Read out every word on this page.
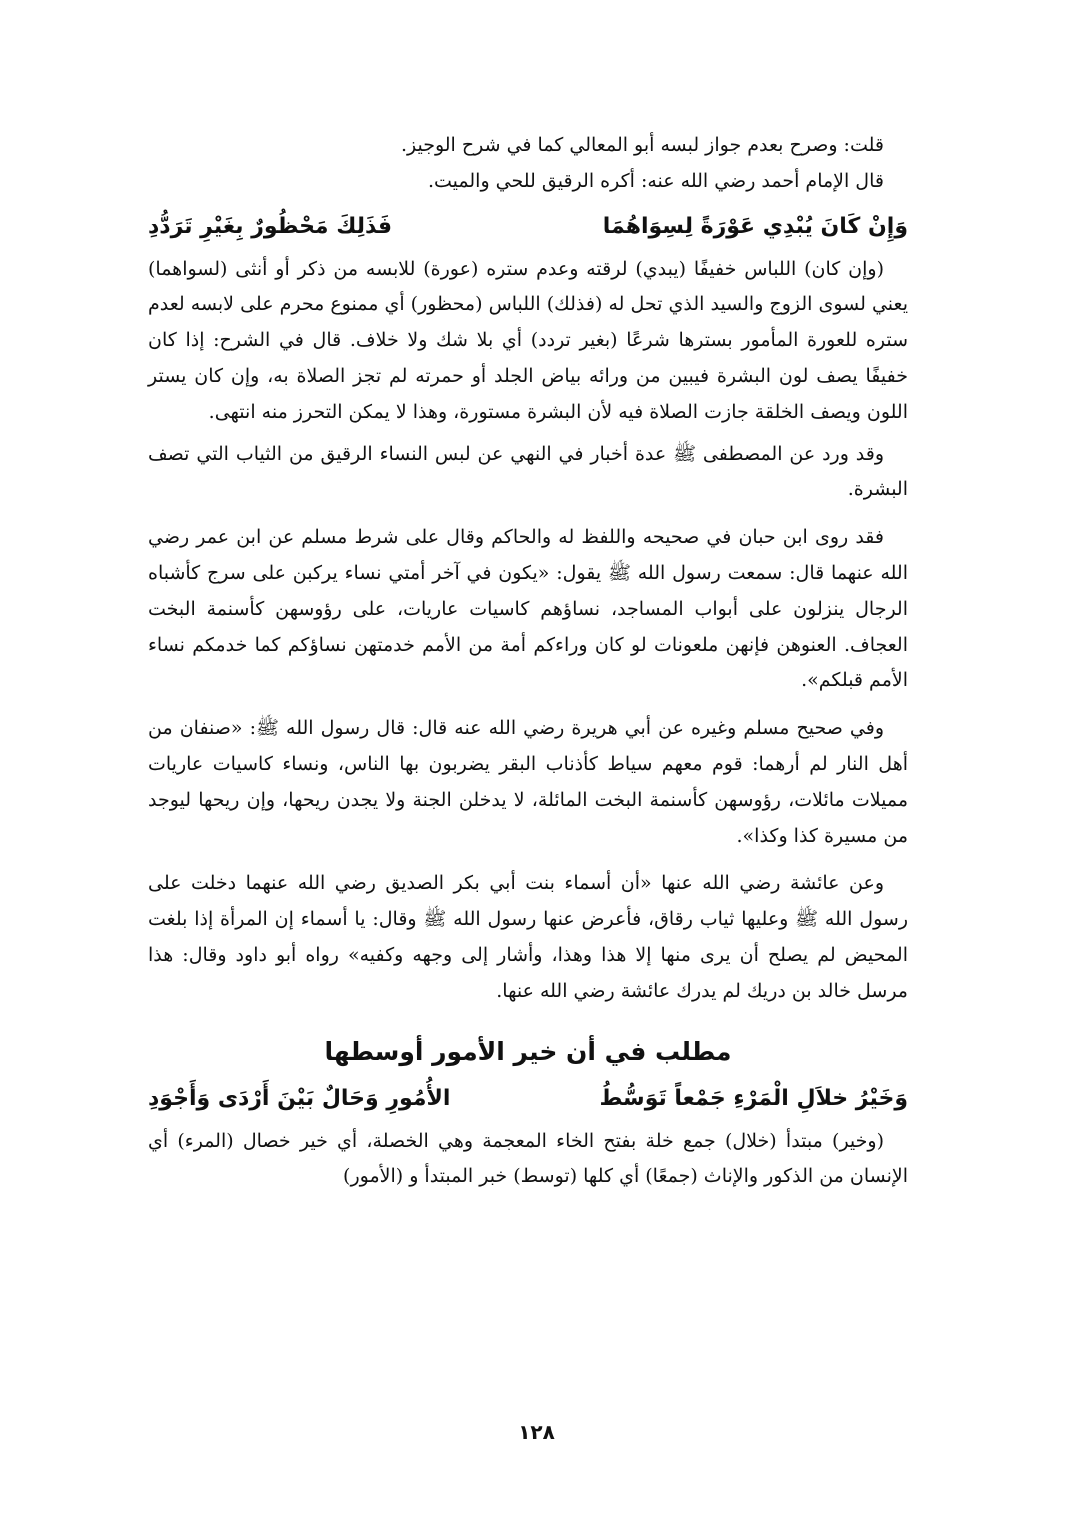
قلت: وصرح بعدم جواز لبسه أبو المعالي كما في شرح الوجيز.

قال الإمام أحمد رضي الله عنه: أكره الرقيق للحي والميت.

وَإِنْ كَانَ يُبْدِي عَوْرَةً لِسِوَاهُمَا
فَذَلِكَ مَحْظُورٌ بِغَيْرِ تَرَدُّدِ

(وإن كان) اللباس خفيفًا (يبدي) لرقته وعدم ستره (عورة) للابسه من ذكر أو أنثى (لسواهما) يعني لسوى الزوج والسيد الذي تحل له (فذلك) اللباس (محظور) أي ممنوع محرم على لابسه لعدم ستره للعورة المأمور بسترها شرعًا (بغير تردد) أي بلا شك ولا خلاف. قال في الشرح: إذا كان خفيفًا يصف لون البشرة فيبين من ورائه بياض الجلد أو حمرته لم تجز الصلاة به، وإن كان يستر اللون ويصف الخلقة جازت الصلاة فيه لأن البشرة مستورة، وهذا لا يمكن التحرز منه انتهى.

وقد ورد عن المصطفى ﷺ عدة أخبار في النهي عن لبس النساء الرقيق من الثياب التي تصف البشرة.

فقد روى ابن حبان في صحيحه واللفظ له والحاكم وقال على شرط مسلم عن ابن عمر رضي الله عنهما قال: سمعت رسول الله ﷺ يقول: «يكون في آخر أمتي نساء يركبن على سرج كأشباه الرجال ينزلون على أبواب المساجد، نساؤهم كاسيات عاريات، على رؤوسهن كأسنمة البخت العجاف. العنوهن فإنهن ملعونات لو كان وراءكم أمة من الأمم خدمتهن نساؤكم كما خدمكم نساء الأمم قبلكم».

وفي صحيح مسلم وغيره عن أبي هريرة رضي الله عنه قال: قال رسول الله ﷺ: «صنفان من أهل النار لم أرهما: قوم معهم سياط كأذناب البقر يضربون بها الناس، ونساء كاسيات عاريات مميلات مائلات، رؤوسهن كأسنمة البخت المائلة، لا يدخلن الجنة ولا يجدن ريحها، وإن ريحها ليوجد من مسيرة كذا وكذا».

وعن عائشة رضي الله عنها «أن أسماء بنت أبي بكر الصديق رضي الله عنهما دخلت على رسول الله ﷺ وعليها ثياب رقاق، فأعرض عنها رسول الله ﷺ وقال: يا أسماء إن المرأة إذا بلغت المحيض لم يصلح أن يرى منها إلا هذا وهذا، وأشار إلى وجهه وكفيه» رواه أبو داود وقال: هذا مرسل خالد بن دريك لم يدرك عائشة رضي الله عنها.

مطلب في أن خير الأمور أوسطها
وَخَيْرُ خلاَلِ الْمَرْءِ جَمْعاً تَوَسُّطُ
الأُمُورِ وَحَالٌ بَيْنَ أَرْدَى وَأَجْوَدِ

(وخير) مبتدأ (خلال) جمع خلة بفتح الخاء المعجمة وهي الخصلة، أي خير خصال (المرء) أي الإنسان من الذكور والإناث (جمعًا) أي كلها (توسط) خبر المبتدأ و (الأمور)

١٢٨
